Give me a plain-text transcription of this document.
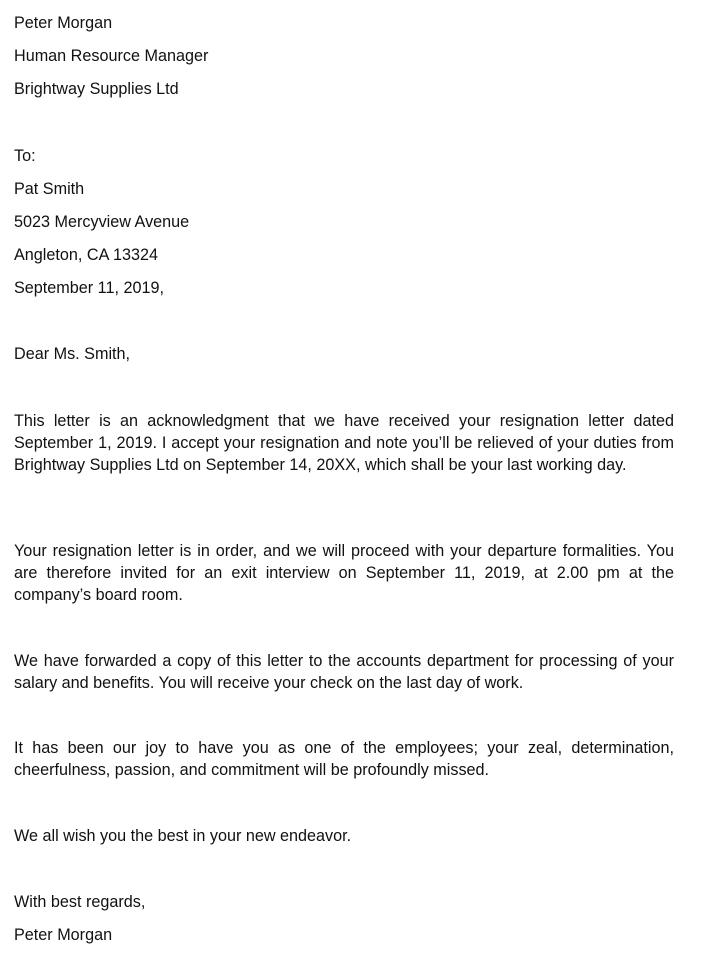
Peter Morgan
Human Resource Manager
Brightway Supplies Ltd
To:
Pat Smith
5023 Mercyview Avenue
Angleton, CA 13324
September 11, 2019,
Dear Ms. Smith,
This letter is an acknowledgment that we have received your resignation letter dated September 1, 2019. I accept your resignation and note you’ll be relieved of your duties from Brightway Supplies Ltd on September 14, 20XX, which shall be your last working day.
Your resignation letter is in order, and we will proceed with your departure formalities. You are therefore invited for an exit interview on September 11, 2019, at 2.00 pm at the company’s board room.
We have forwarded a copy of this letter to the accounts department for processing of your salary and benefits. You will receive your check on the last day of work.
It has been our joy to have you as one of the employees; your zeal, determination, cheerfulness, passion, and commitment will be profoundly missed.
We all wish you the best in your new endeavor.
With best regards,
Peter Morgan
